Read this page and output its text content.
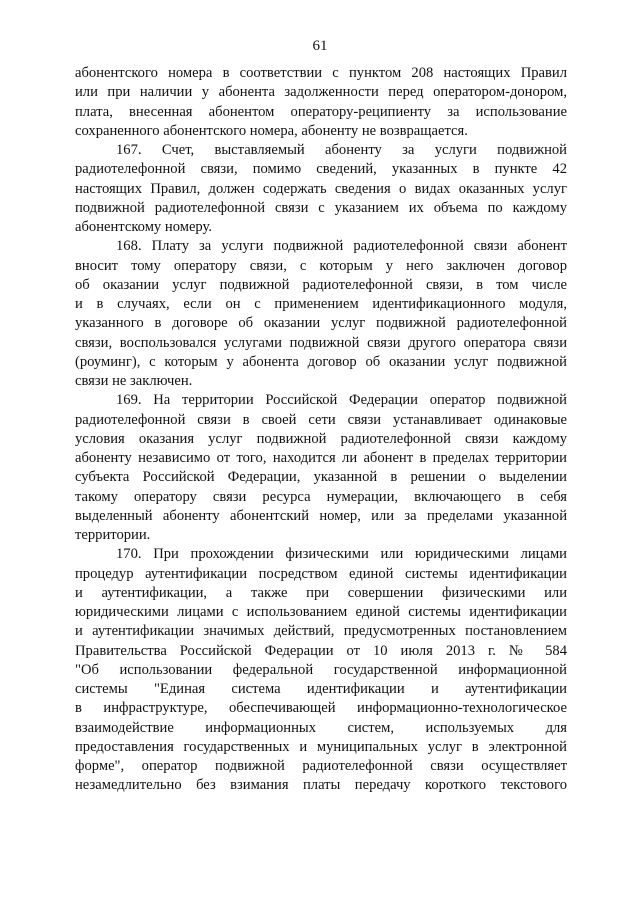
61
абонентского номера в соответствии с пунктом 208 настоящих Правил
или при наличии у абонента задолженности перед оператором-донором,
плата, внесенная абонентом оператору-реципиенту за использование
сохраненного абонентского номера, абоненту не возвращается.
167. Счет, выставляемый абоненту за услуги подвижной
радиотелефонной связи, помимо сведений, указанных в пункте 42
настоящих Правил, должен содержать сведения о видах оказанных услуг
подвижной радиотелефонной связи с указанием их объема по каждому
абонентскому номеру.
168. Плату за услуги подвижной радиотелефонной связи абонент
вносит тому оператору связи, с которым у него заключен договор
об оказании услуг подвижной радиотелефонной связи, в том числе
и в случаях, если он с применением идентификационного модуля,
указанного в договоре об оказании услуг подвижной радиотелефонной
связи, воспользовался услугами подвижной связи другого оператора связи
(роуминг), с которым у абонента договор об оказании услуг подвижной
связи не заключен.
169. На территории Российской Федерации оператор подвижной
радиотелефонной связи в своей сети связи устанавливает одинаковые
условия оказания услуг подвижной радиотелефонной связи каждому
абоненту независимо от того, находится ли абонент в пределах территории
субъекта Российской Федерации, указанной в решении о выделении
такому оператору связи ресурса нумерации, включающего в себя
выделенный абоненту абонентский номер, или за пределами указанной
территории.
170. При прохождении физическими или юридическими лицами
процедур аутентификации посредством единой системы идентификации
и аутентификации, а также при совершении физическими или
юридическими лицами с использованием единой системы идентификации
и аутентификации значимых действий, предусмотренных постановлением
Правительства Российской Федерации от 10 июля 2013 г. № 584
"Об использовании федеральной государственной информационной
системы "Единая система идентификации и аутентификации
в инфраструктуре, обеспечивающей информационно-технологическое
взаимодействие информационных систем, используемых для
предоставления государственных и муниципальных услуг в электронной
форме", оператор подвижной радиотелефонной связи осуществляет
незамедлительно без взимания платы передачу короткого текстового
